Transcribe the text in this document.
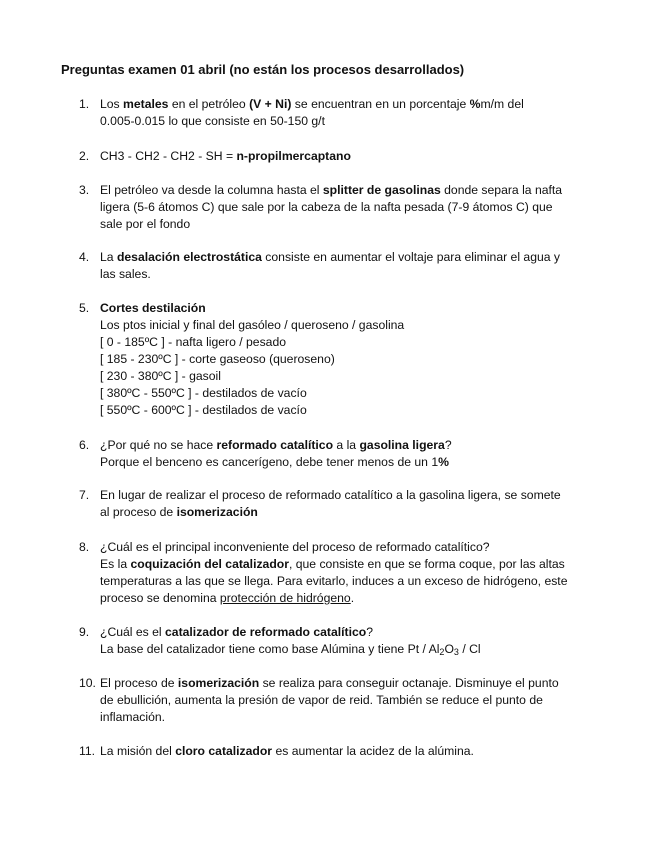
Preguntas examen 01 abril (no están los procesos desarrollados)
1. Los metales en el petróleo (V + Ni) se encuentran en un porcentaje %m/m del
0.005-0.015 lo que consiste en 50-150 g/t
2. CH3 - CH2 - CH2 - SH = n-propilmercaptano
3. El petróleo va desde la columna hasta el splitter de gasolinas donde separa la nafta
ligera (5-6 átomos C) que sale por la cabeza de la nafta pesada (7-9 átomos C) que
sale por el fondo
4. La desalación electrostática consiste en aumentar el voltaje para eliminar el agua y
las sales.
5. Cortes destilación
Los ptos inicial y final del gasóleo / queroseno / gasolina
[ 0 - 185ºC ] - nafta ligero / pesado
[ 185 - 230ºC ] - corte gaseoso (queroseno)
[ 230 - 380ºC ] - gasoil
[ 380ºC - 550ºC ] - destilados de vacío
[ 550ºC - 600ºC ] - destilados de vacío
6. ¿Por qué no se hace reformado catalítico a la gasolina ligera?
Porque el benceno es cancerígeno, debe tener menos de un 1%
7. En lugar de realizar el proceso de reformado catalítico a la gasolina ligera, se somete
al proceso de isomerización
8. ¿Cuál es el principal inconveniente del proceso de reformado catalítico?
Es la coquización del catalizador, que consiste en que se forma coque, por las altas
temperaturas a las que se llega. Para evitarlo, induces a un exceso de hidrógeno, este
proceso se denomina protección de hidrógeno.
9. ¿Cuál es el catalizador de reformado catalítico?
La base del catalizador tiene como base Alúmina y tiene Pt / $Al_2O_3$ / Cl
10. El proceso de isomerización se realiza para conseguir octanaje. Disminuye el punto
de ebullición, aumenta la presión de vapor de reid. También se reduce el punto de
inflamación.
11. La misión del cloro catalizador es aumentar la acidez de la alúmina.
